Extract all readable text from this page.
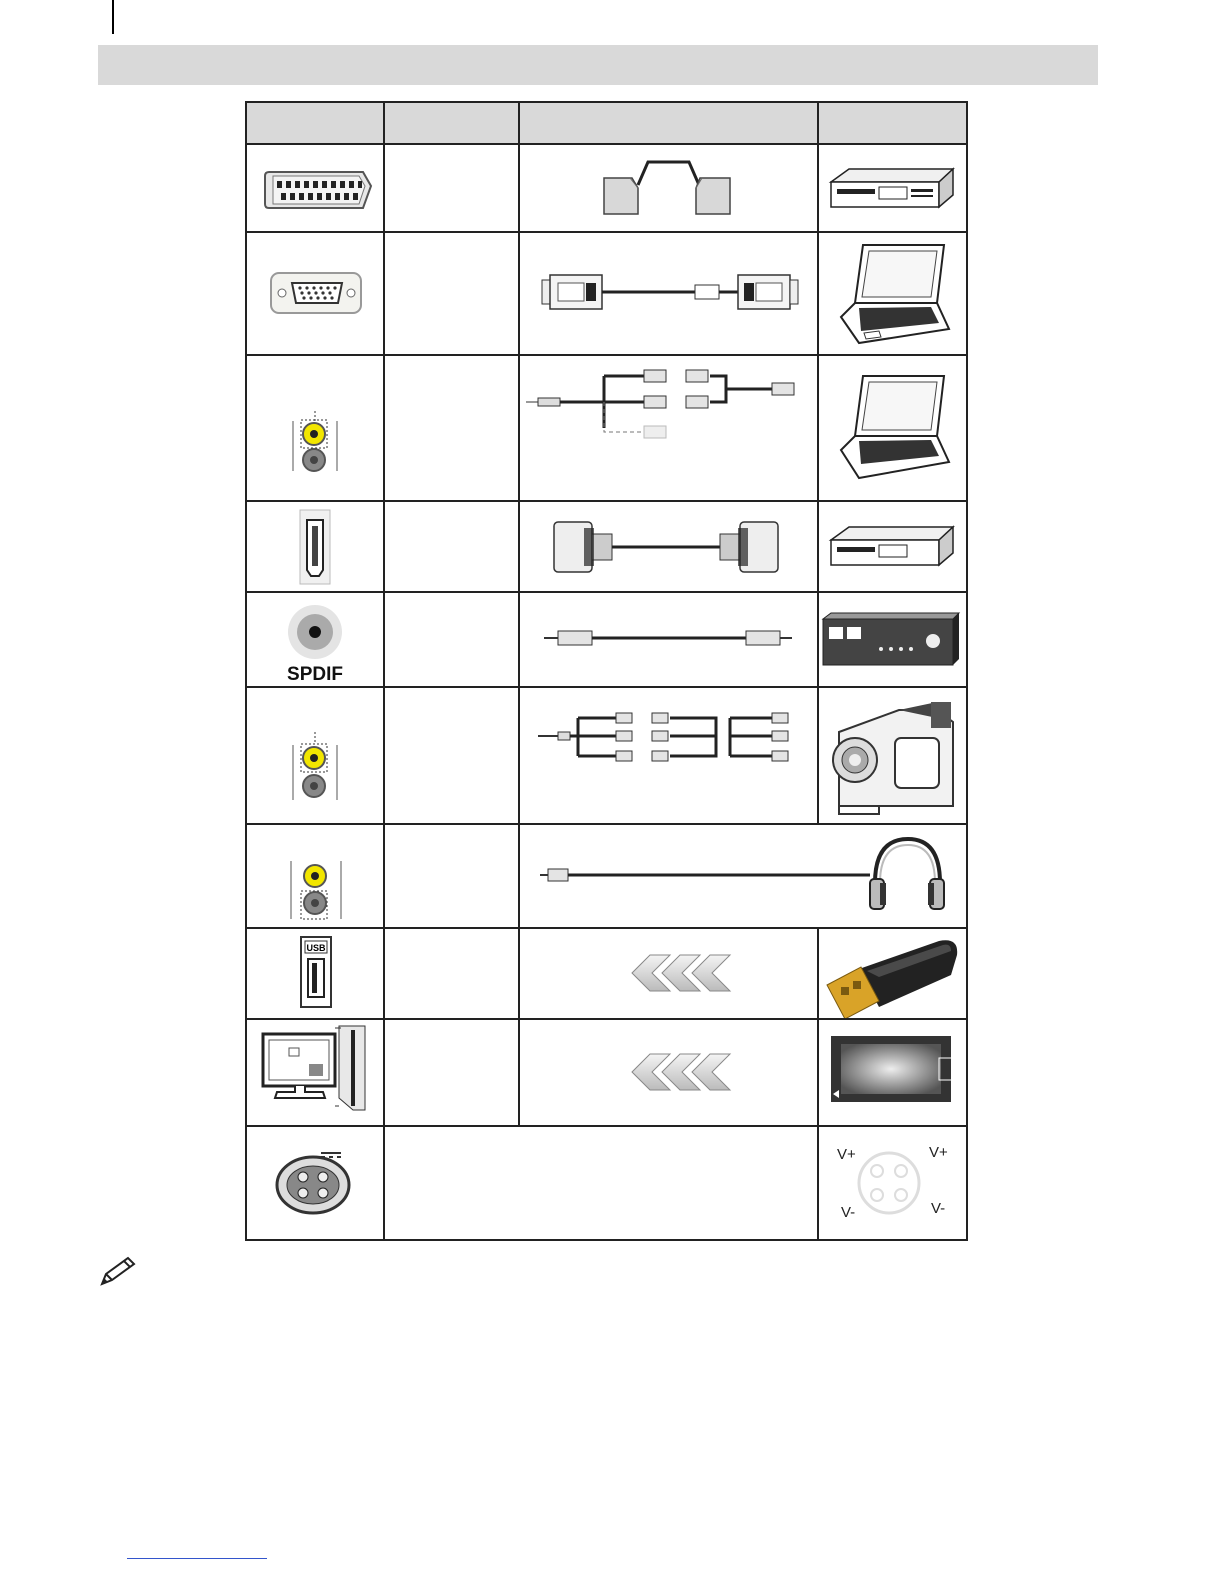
SPDIF

USB

V+ V+
V- V-
